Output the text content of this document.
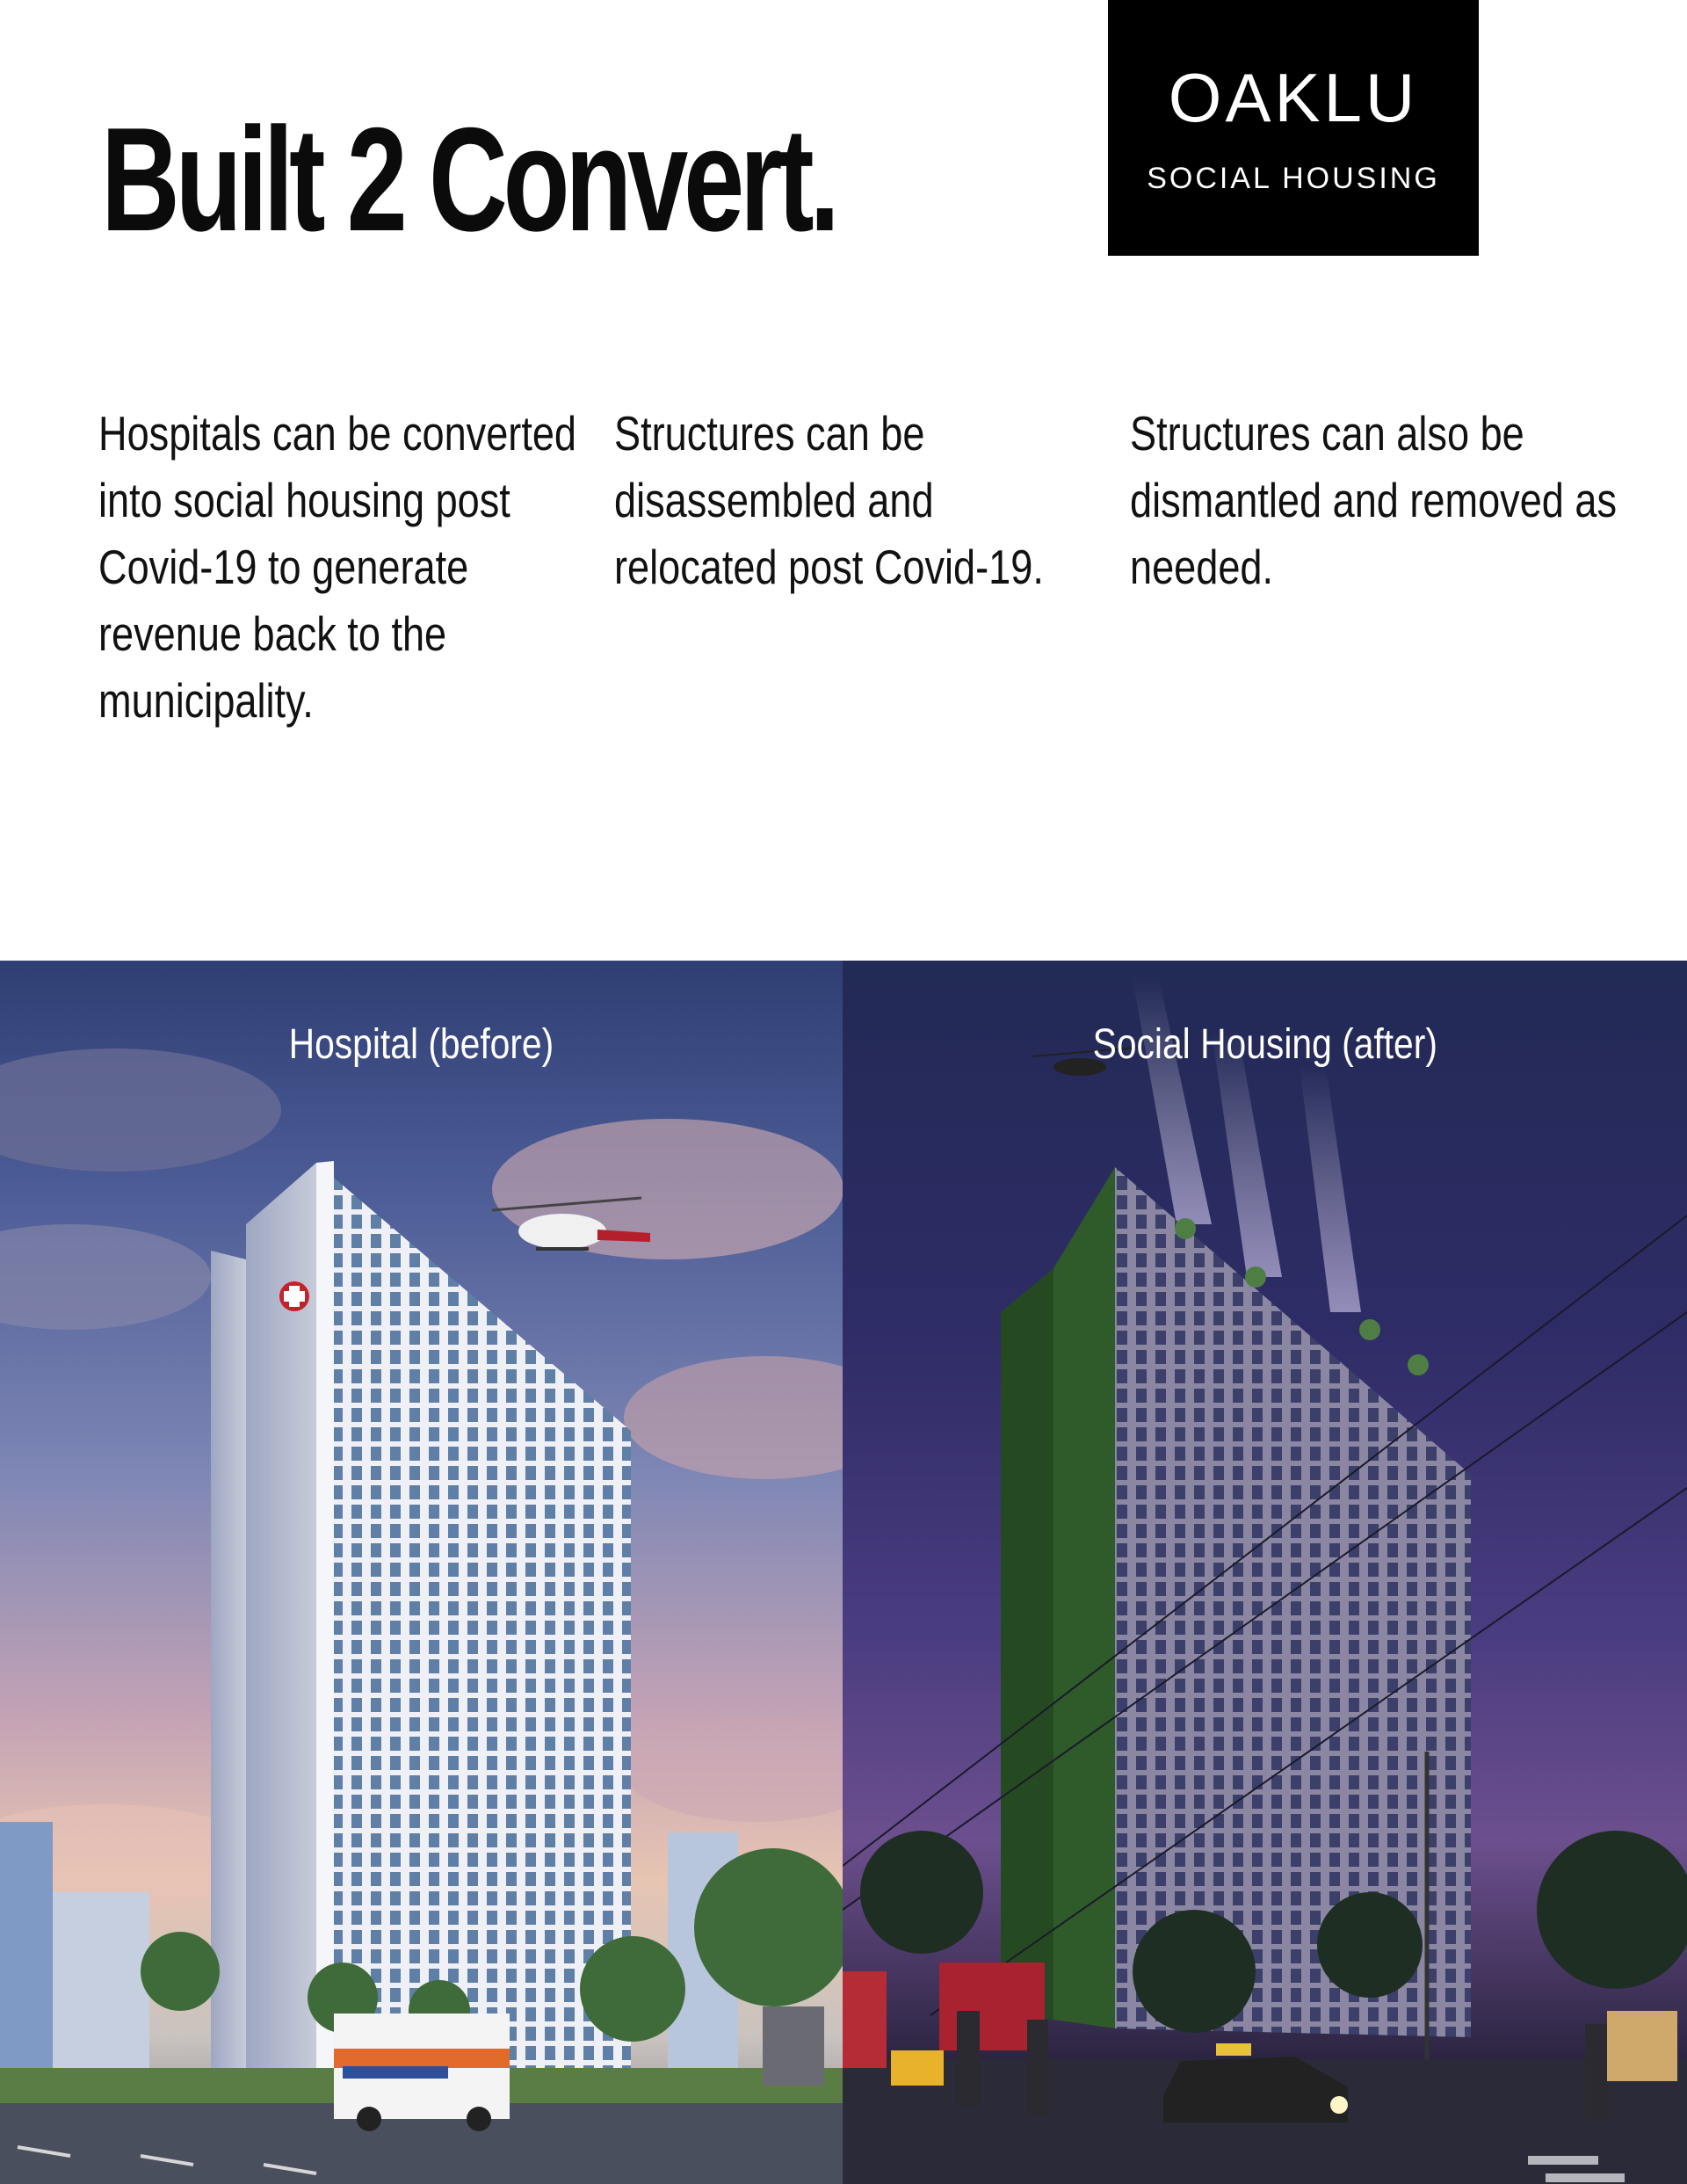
Built 2 Convert.	OAKLU
SOCIAL HOUSING

Hospitals can be converted into social housing post Covid-19 to generate revenue back to the municipality.

Structures can be disassembled and relocated post Covid-19.

Structures can also be dismantled and removed as needed.

Hospital (before)	Social Housing (after)
